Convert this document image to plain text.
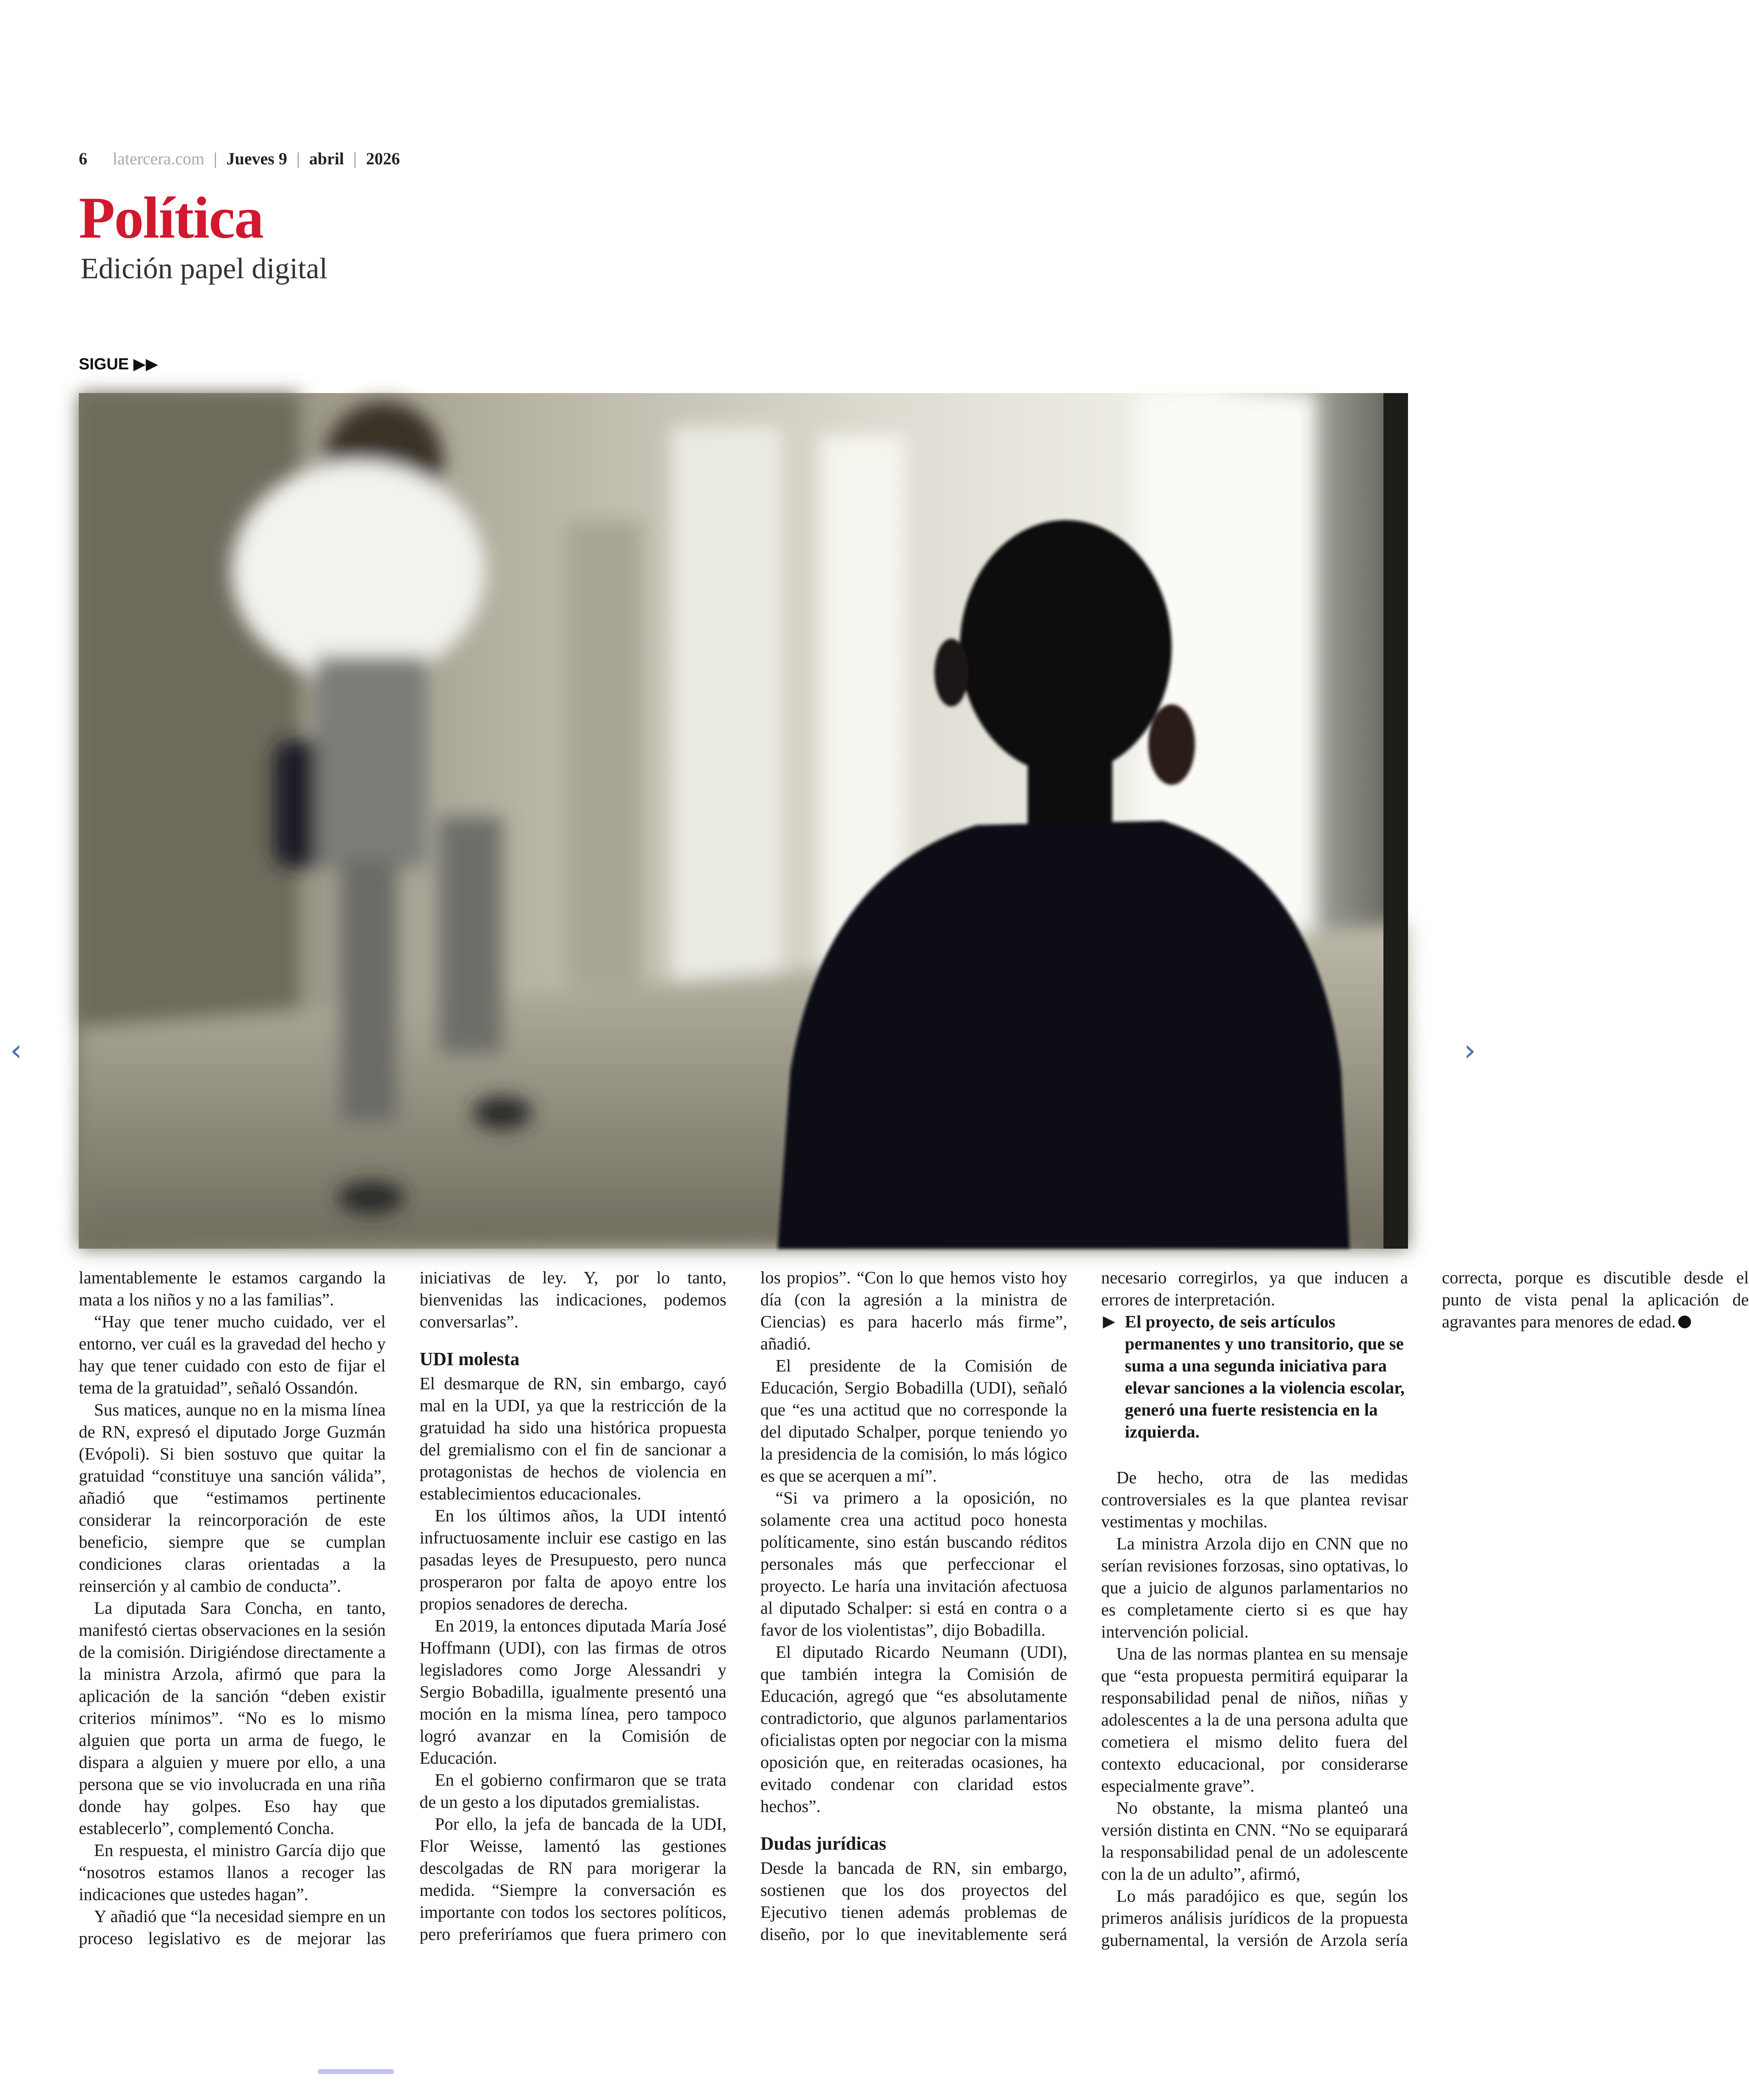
6 latercera.com | Jueves 9 | abril | 2026
Política
Edición papel digital
SIGUE ▶▶
‹	›

lamentablemente le estamos cargando la mata a los niños y no a las familias”.

“Hay que tener mucho cuidado, ver el entorno, ver cuál es la gravedad del hecho y hay que tener cuidado con esto de fijar el tema de la gratuidad”, señaló Ossandón.

Sus matices, aunque no en la misma línea de RN, expresó el diputado Jorge Guzmán (Evópoli). Si bien sostuvo que quitar la gratuidad “constituye una sanción válida”, añadió que “estimamos pertinente considerar la reincorporación de este beneficio, siempre que se cumplan condiciones claras orientadas a la reinserción y al cambio de conducta”.

La diputada Sara Concha, en tanto, manifestó ciertas observaciones en la sesión de la comisión. Dirigiéndose directamente a la ministra Arzola, afirmó que para la aplicación de la sanción “deben existir criterios mínimos”. “No es lo mismo alguien que porta un arma de fuego, le dispara a alguien y muere por ello, a una persona que se vio involucrada en una riña donde hay golpes. Eso hay que establecerlo”, complementó Concha.

En respuesta, el ministro García dijo que “nosotros estamos llanos a recoger las indicaciones que ustedes hagan”.

Y añadió que “la necesidad siempre en un proceso legislativo es de mejorar las iniciativas de ley. Y, por lo tanto, bienvenidas las indicaciones, podemos conversarlas”.

UDI molesta

El desmarque de RN, sin embargo, cayó mal en la UDI, ya que la restricción de la gratuidad ha sido una histórica propuesta del gremialismo con el fin de sancionar a protagonistas de hechos de violencia en establecimientos educacionales.

En los últimos años, la UDI intentó infructuosamente incluir ese castigo en las pasadas leyes de Presupuesto, pero nunca prosperaron por falta de apoyo entre los propios senadores de derecha.

En 2019, la entonces diputada María José Hoffmann (UDI), con las firmas de otros legisladores como Jorge Alessandri y Sergio Bobadilla, igualmente presentó una moción en la misma línea, pero tampoco logró avanzar en la Comisión de Educación.

En el gobierno confirmaron que se trata de un gesto a los diputados gremialistas.

Por ello, la jefa de bancada de la UDI, Flor Weisse, lamentó las gestiones descolgadas de RN para morigerar la medida. “Siempre la conversación es importante con todos los sectores políticos, pero preferiríamos que fuera primero con los propios”. “Con lo que hemos visto hoy día (con la agresión a la ministra de Ciencias) es para hacerlo más firme”, añadió.

El presidente de la Comisión de Educación, Sergio Bobadilla (UDI), señaló que “es una actitud que no corresponde la del diputado Schalper, porque teniendo yo la presidencia de la comisión, lo más lógico es que se acerquen a mí”.

“Si va primero a la oposición, no solamente crea una actitud poco honesta políticamente, sino están buscando réditos personales más que perfeccionar el proyecto. Le haría una invitación afectuosa al diputado Schalper: si está en contra o a favor de los violentistas”, dijo Bobadilla.

El diputado Ricardo Neumann (UDI), que también integra la Comisión de Educación, agregó que “es absolutamente contradictorio, que algunos parlamentarios oficialistas opten por negociar con la misma oposición que, en reiteradas ocasiones, ha evitado condenar con claridad estos hechos”.

Dudas jurídicas

Desde la bancada de RN, sin embargo, sostienen que los dos proyectos del Ejecutivo tienen además problemas de diseño, por lo que inevitablemente será necesario corregirlos, ya que inducen a errores de interpretación.

▶ El proyecto, de seis artículos permanentes y uno transitorio, que se suma a una segunda iniciativa para elevar sanciones a la violencia escolar, generó una fuerte resistencia en la izquierda.

De hecho, otra de las medidas controversiales es la que plantea revisar vestimentas y mochilas.

La ministra Arzola dijo en CNN que no serían revisiones forzosas, sino optativas, lo que a juicio de algunos parlamentarios no es completamente cierto si es que hay intervención policial.

Una de las normas plantea en su mensaje que “esta propuesta permitirá equiparar la responsabilidad penal de niños, niñas y adolescentes a la de una persona adulta que cometiera el mismo delito fuera del contexto educacional, por considerarse especialmente grave”.

No obstante, la misma planteó una versión distinta en CNN. “No se equiparará la responsabilidad penal de un adolescente con la de un adulto”, afirmó,

Lo más paradójico es que, según los primeros análisis jurídicos de la propuesta gubernamental, la versión de Arzola sería correcta, porque es discutible desde el punto de vista penal la aplicación de agravantes para menores de edad.
